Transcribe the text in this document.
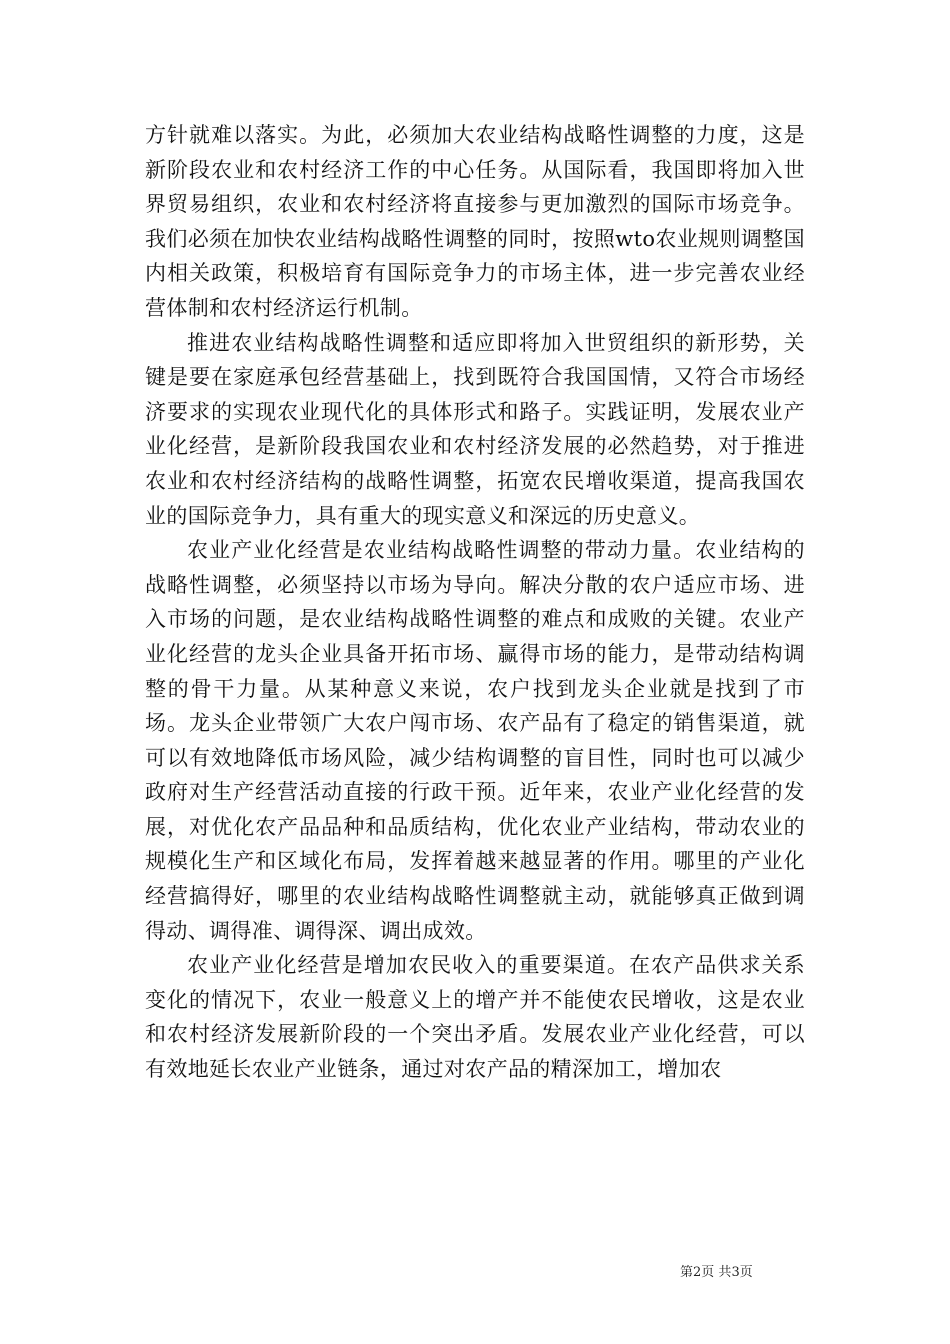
方针就难以落实。为此，必须加大农业结构战略性调整的力度，这是新阶段农业和农村经济工作的中心任务。从国际看，我国即将加入世界贸易组织，农业和农村经济将直接参与更加激烈的国际市场竞争。我们必须在加快农业结构战略性调整的同时，按照wto农业规则调整国内相关政策，积极培育有国际竞争力的市场主体，进一步完善农业经营体制和农村经济运行机制。

推进农业结构战略性调整和适应即将加入世贸组织的新形势，关键是要在家庭承包经营基础上，找到既符合我国国情，又符合市场经济要求的实现农业现代化的具体形式和路子。实践证明，发展农业产业化经营，是新阶段我国农业和农村经济发展的必然趋势，对于推进农业和农村经济结构的战略性调整，拓宽农民增收渠道，提高我国农业的国际竞争力，具有重大的现实意义和深远的历史意义。

农业产业化经营是农业结构战略性调整的带动力量。农业结构的战略性调整，必须坚持以市场为导向。解决分散的农户适应市场、进入市场的问题，是农业结构战略性调整的难点和成败的关键。农业产业化经营的龙头企业具备开拓市场、赢得市场的能力，是带动结构调整的骨干力量。从某种意义来说，农户找到龙头企业就是找到了市场。龙头企业带领广大农户闯市场、农产品有了稳定的销售渠道，就可以有效地降低市场风险，减少结构调整的盲目性，同时也可以减少政府对生产经营活动直接的行政干预。近年来，农业产业化经营的发展，对优化农产品品种和品质结构，优化农业产业结构，带动农业的规模化生产和区域化布局，发挥着越来越显著的作用。哪里的产业化经营搞得好，哪里的农业结构战略性调整就主动，就能够真正做到调得动、调得准、调得深、调出成效。

农业产业化经营是增加农民收入的重要渠道。在农产品供求关系变化的情况下，农业一般意义上的增产并不能使农民增收，这是农业和农村经济发展新阶段的一个突出矛盾。发展农业产业化经营，可以有效地延长农业产业链条，通过对农产品的精深加工，增加农

第2页 共3页
